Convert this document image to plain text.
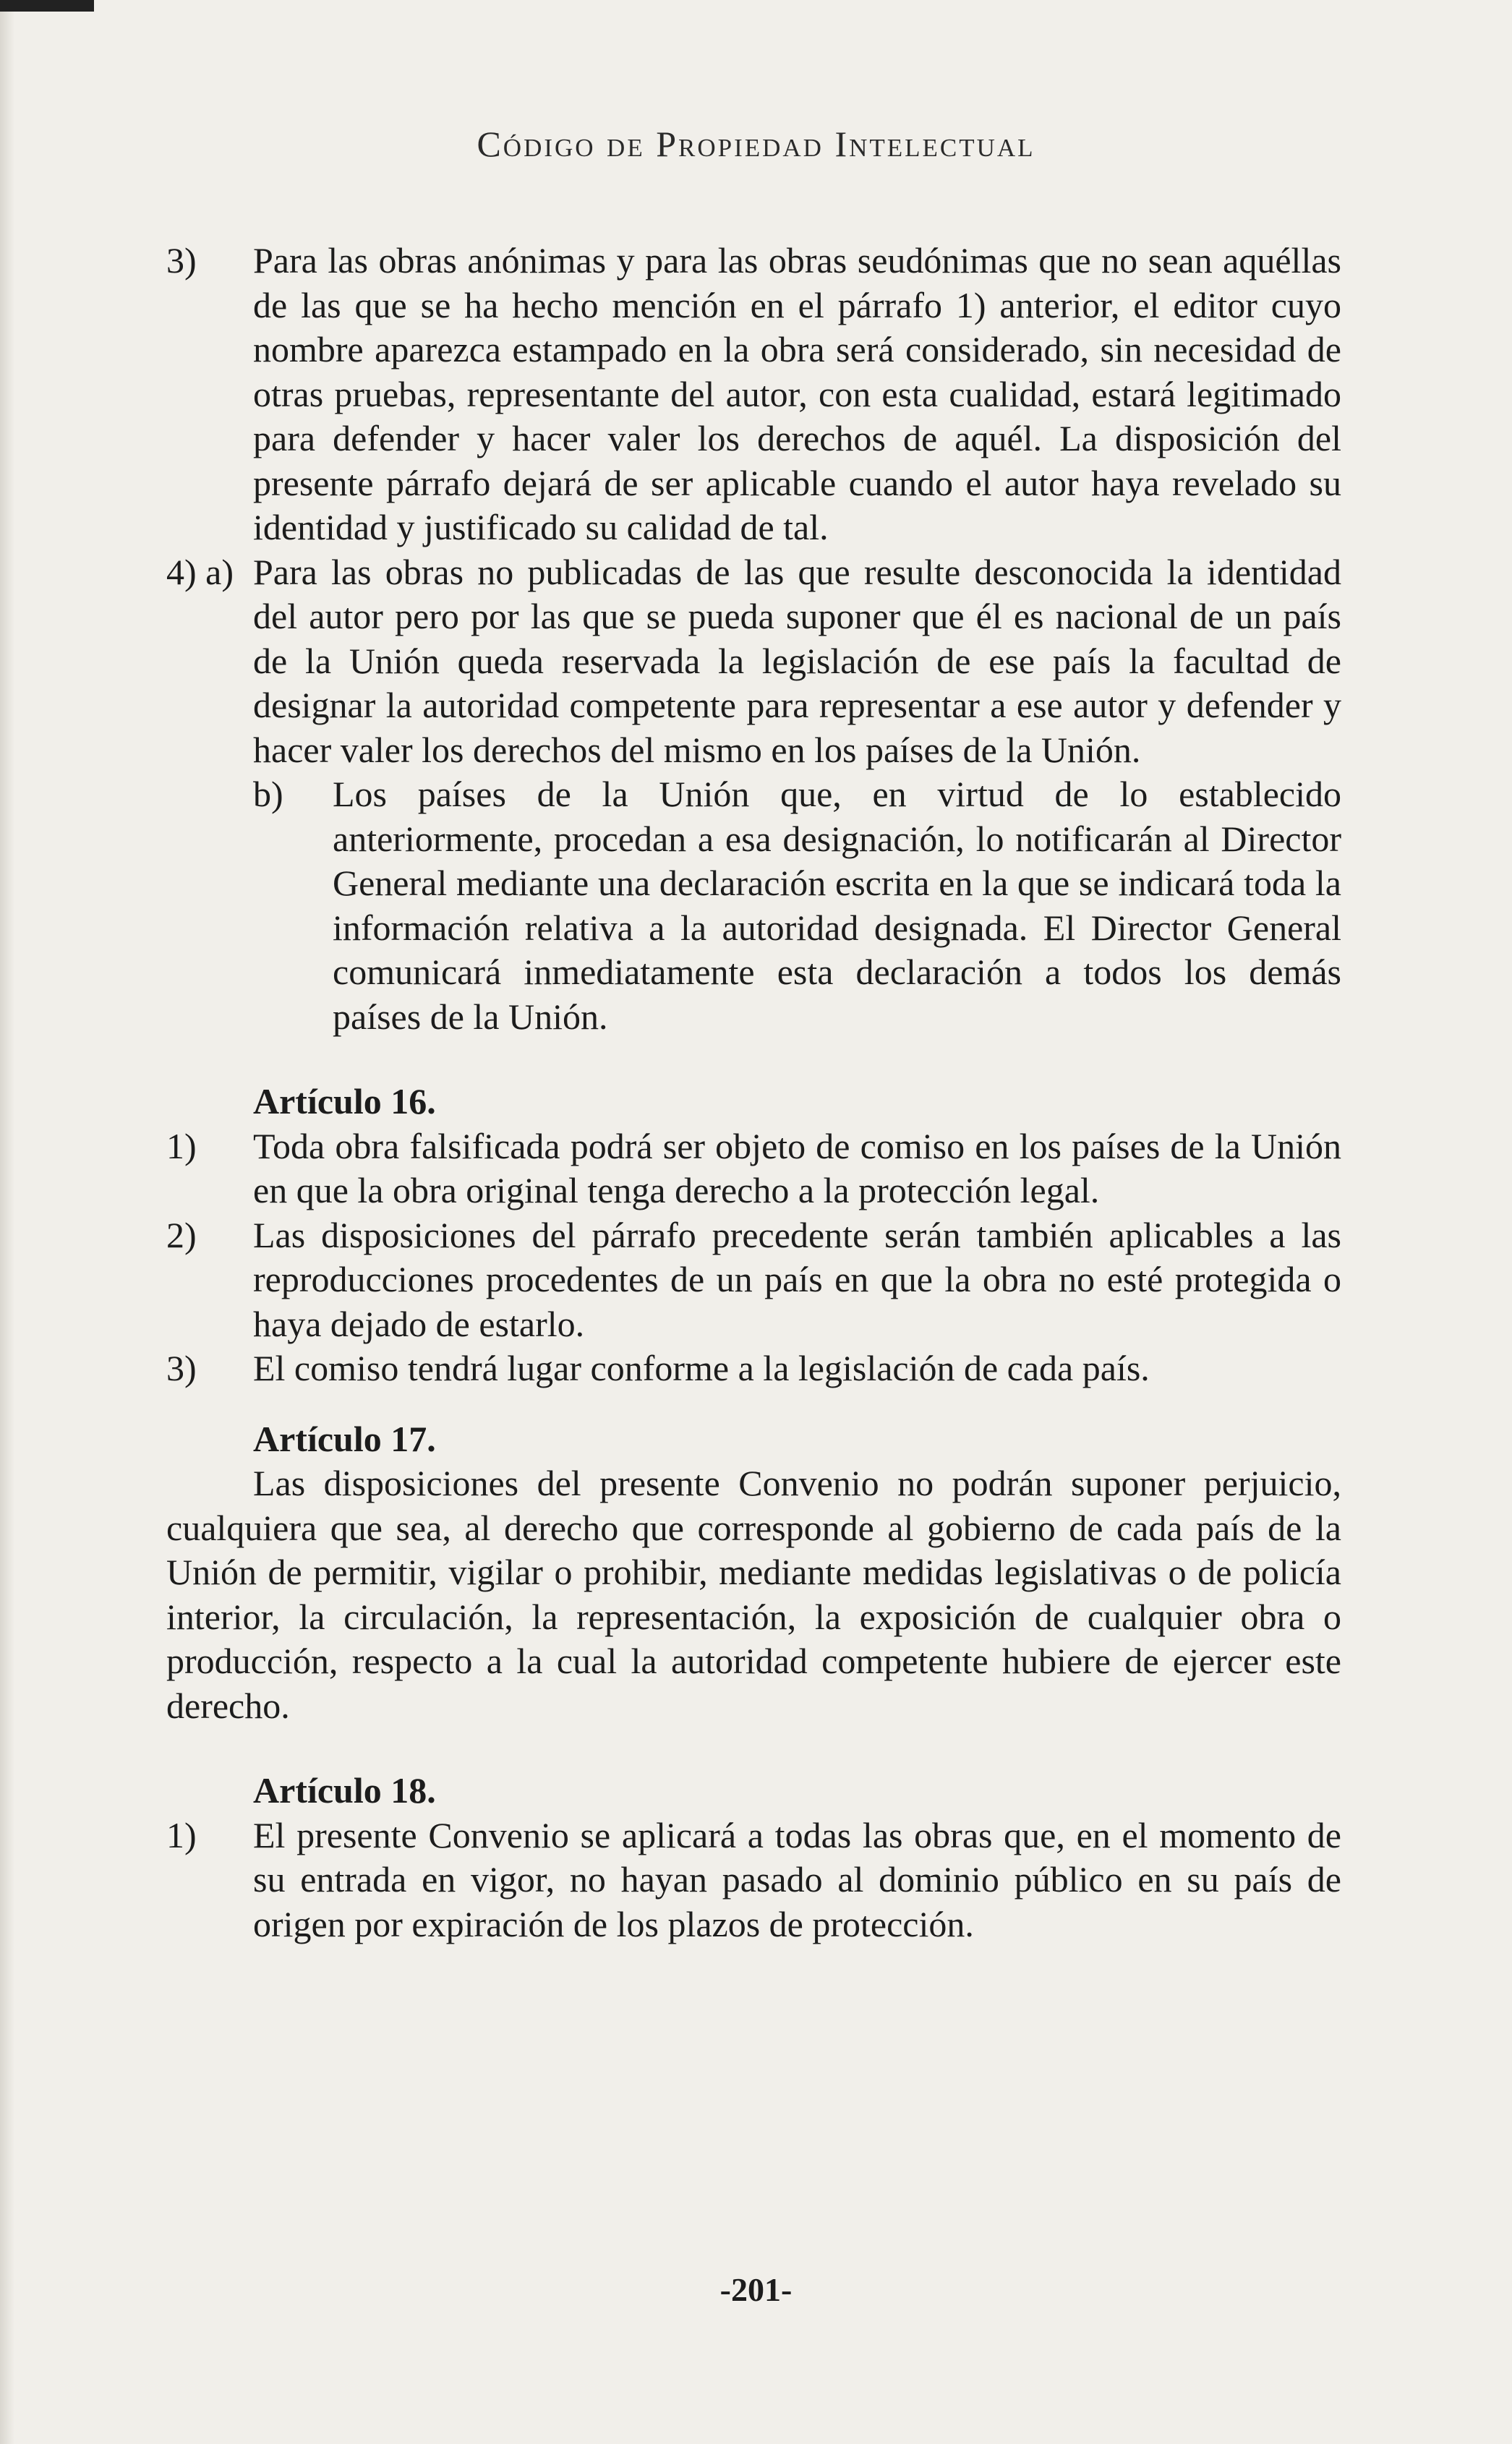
Código de Propiedad Intelectual

3) Para las obras anónimas y para las obras seudónimas que no sean aquéllas de las que se ha hecho mención en el párrafo 1) anterior, el editor cuyo nombre aparezca estampado en la obra será considerado, sin necesidad de otras pruebas, representante del autor, con esta cualidad, estará legitimado para defender y hacer valer los derechos de aquél. La disposición del presente párrafo dejará de ser aplicable cuando el autor haya revelado su identidad y justificado su calidad de tal.

4) a) Para las obras no publicadas de las que resulte desconocida la identidad del autor pero por las que se pueda suponer que él es nacional de un país de la Unión queda reservada la legislación de ese país la facultad de designar la autoridad competente para representar a ese autor y defender y hacer valer los derechos del mismo en los países de la Unión.

b) Los países de la Unión que, en virtud de lo establecido anteriormente, procedan a esa designación, lo notificarán al Director General mediante una declaración escrita en la que se indicará toda la información relativa a la autoridad designada. El Director General comunicará inmediatamente esta declaración a todos los demás países de la Unión.

Artículo 16.

1) Toda obra falsificada podrá ser objeto de comiso en los países de la Unión en que la obra original tenga derecho a la protección legal.

2) Las disposiciones del párrafo precedente serán también aplicables a las reproducciones procedentes de un país en que la obra no esté protegida o haya dejado de estarlo.

3) El comiso tendrá lugar conforme a la legislación de cada país.

Artículo 17.

Las disposiciones del presente Convenio no podrán suponer perjuicio, cualquiera que sea, al derecho que corresponde al gobierno de cada país de la Unión de permitir, vigilar o prohibir, mediante medidas legislativas o de policía interior, la circulación, la representación, la exposición de cualquier obra o producción, respecto a la cual la autoridad competente hubiere de ejercer este derecho.

Artículo 18.

1) El presente Convenio se aplicará a todas las obras que, en el momento de su entrada en vigor, no hayan pasado al dominio público en su país de origen por expiración de los plazos de protección.

-201-
